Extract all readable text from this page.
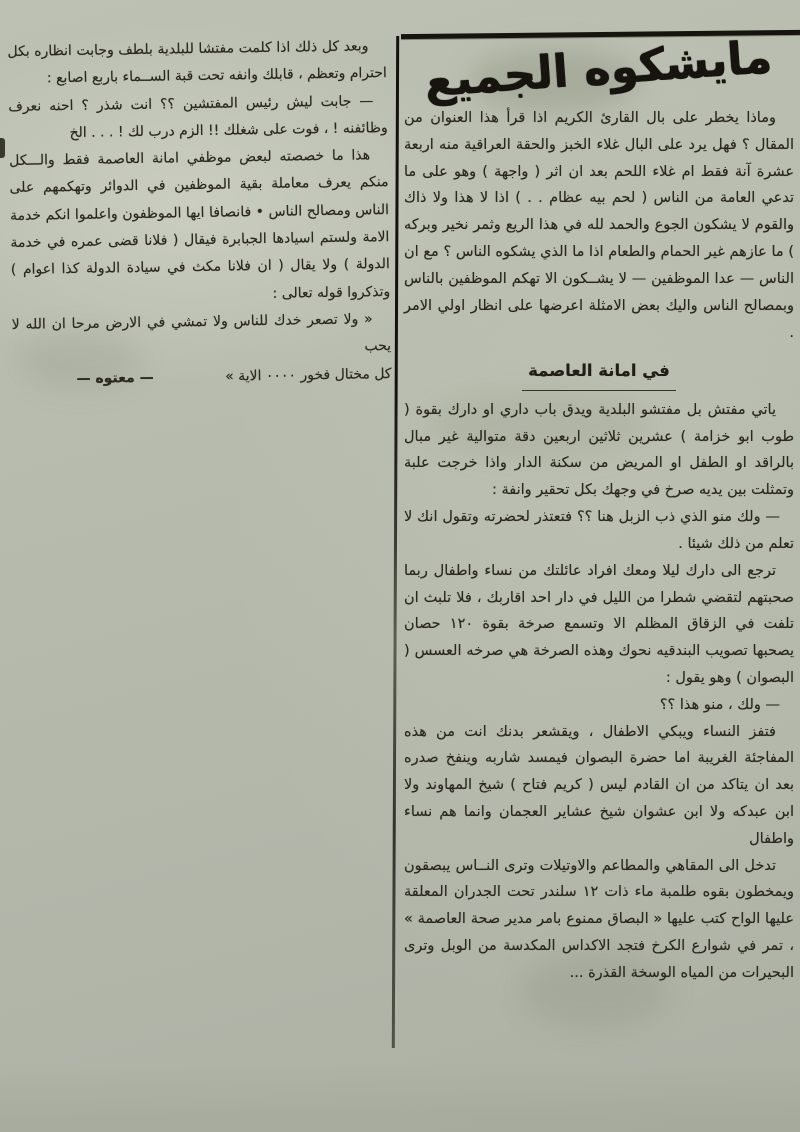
مايشكوه الجميع

وماذا يخطر على بال القارئ الكريم اذا قرأ هذا العنوان من المقال ؟ فهل يرد على البال غلاء الخبز والحقة العراقية منه اربعة عشرة آنة فقط ام غلاء اللحم بعد ان اثر ( واجهة ) وهو على ما تدعي العامة من الناس ( لحم بيه عظام . . ) اذا لا هذا ولا ذاك والقوم لا يشكون الجوع والحمد لله في هذا الريع وثمر نخير وبركه ) ما عازهم غير الحمام والطعام اذا ما الذي يشكوه الناس ؟ مع ان الناس — عدا الموظفين — لا يشــكون الا تهكم الموظفين بالناس وبمصالح الناس واليك بعض الامثلة اعرضها على انظار اولي الامر .

في امانة العاصمة

ياتي مفتش بل مفتشو البلدية ويدق باب داري او دارك بقوة ( طوب ابو خزامة ) عشرين ثلاثين اربعين دقة متوالية غير مبال بالراقد او الطفل او المريض من سكنة الدار واذا خرجت علبة وتمثلت بين يديه صرخ في وجهك بكل تحقير وانفة :

— ولك منو الذي ذب الزبل هنا ؟؟ فتعتذر لحضرته وتقول انك لا تعلم من ذلك شيئا .

ترجع الى دارك ليلا ومعك افراد عائلتك من نساء واطفال ربما صحبتهم لتقضي شطرا من الليل في دار احد اقاربك ، فلا تلبث ان تلفت في الزقاق المظلم الا وتسمع صرخة بقوة ١٢٠ حصان يصحبها تصويب البندقيه نحوك وهذه الصرخة هي صرخه العسس ( البصوان ) وهو يقول :

— ولك ، منو هذا ؟؟

فتفز النساء ويبكي الاطفال ، ويقشعر بدنك انت من هذه المفاجئة الغريبة اما حضرة البصوان فيمسد شاربه وينفخ صدره بعد ان يتاكد من ان القادم ليس ( كريم فتاح ) شيخ المهاوند ولا ابن عبدكه ولا ابن عشوان شيخ عشاير العجمان وانما هم نساء واطفال

تدخل الى المقاهي والمطاعم والاوتيلات وترى النــاس يبصقون ويمخطون بقوه طلمبة ماء ذات ١٢ سلندر تحت الجدران المعلقة عليها الواح كتب عليها « البصاق ممنوع بامر مدير صحة العاصمة » ، تمر في شوارع الكرخ فتجد الاكداس المكدسة من الوبل وترى البحيرات من المياه الوسخة القذرة ...

وبعد كل ذلك اذا كلمت مفتشا للبلدية بلطف وجابت انظاره بكل احترام وتعظم ، قابلك وانفه تحت قبة الســماء باربع اصابع :

— جابت ليش رئيس المفتشين ؟؟ انت شذر ؟ احنه نعرف وظائفنه ! ، فوت على شغلك !! الزم درب لك ! . . . الخ

هذا ما خصصته لبعض موظفي امانة العاصمة فقط والـــكل منكم يعرف معاملة بقية الموظفين في الدوائر وتهكمهم على الناس ومصالح الناس • فانصافا ايها الموظفون واعلموا انكم خدمة الامة ولستم اسيادها الجبابرة فيقال ( فلانا قضى عمره في خدمة الدولة ) ولا يقال ( ان فلانا مكث في سيادة الدولة كذا اعوام ) وتذكروا قوله تعالى :

« ولا تصعر خدك للناس ولا تمشي في الارض مرحا ان الله لا يحب

كل مختال فخور ٠٠٠٠ الاية »
— معتوه —
